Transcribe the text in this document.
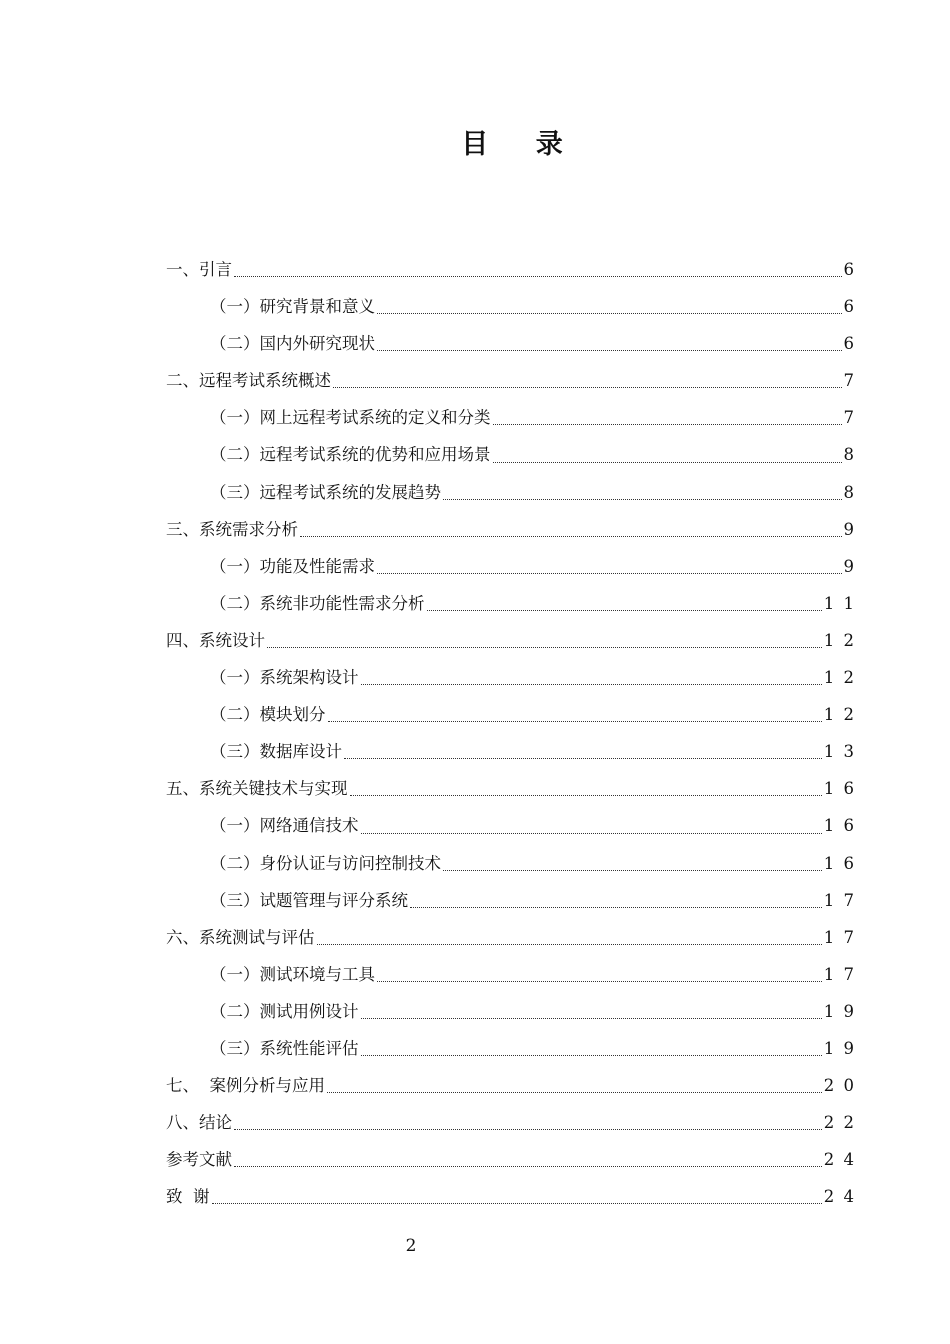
目    录
一、引言	6
（一）研究背景和意义	6
（二）国内外研究现状	6
二、远程考试系统概述	7
（一）网上远程考试系统的定义和分类	7
（二）远程考试系统的优势和应用场景	8
（三）远程考试系统的发展趋势	8
三、系统需求分析	9
（一）功能及性能需求	9
（二）系统非功能性需求分析	1 1
四、系统设计	1 2
（一）系统架构设计	1 2
（二）模块划分	1 2
（三）数据库设计	1 3
五、系统关键技术与实现	1 6
（一）网络通信技术	1 6
（二）身份认证与访问控制技术	1 6
（三）试题管理与评分系统	1 7
六、系统测试与评估	1 7
（一）测试环境与工具	1 7
（二）测试用例设计	1 9
（三）系统性能评估	1 9
七、  案例分析与应用	2 0
八、结论	2 2
参考文献	2 4
致  谢	2 4
2
